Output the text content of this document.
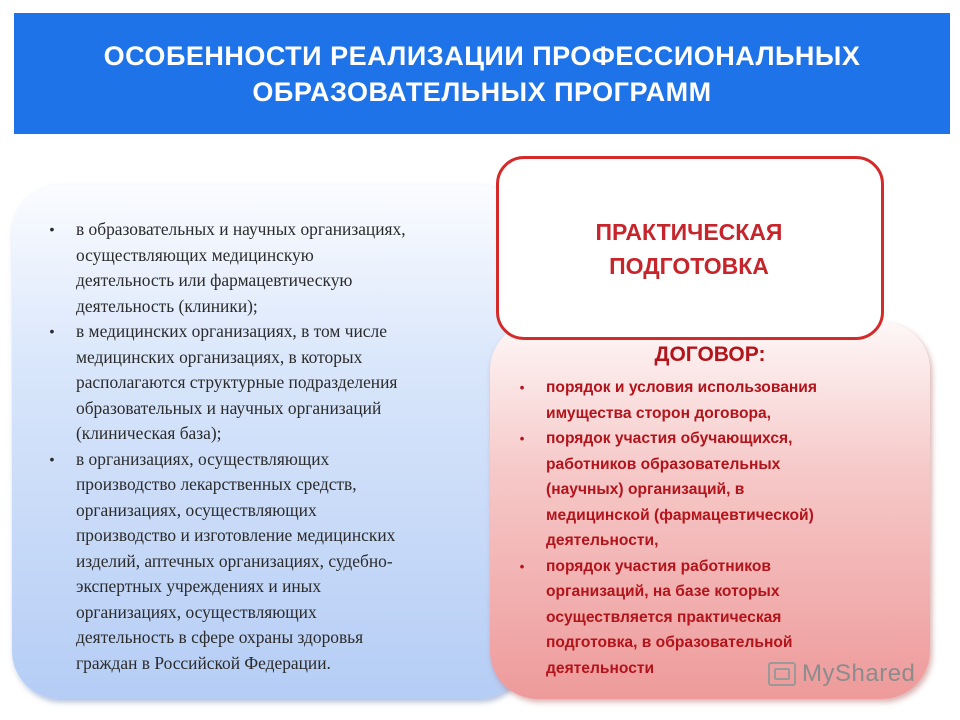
ОСОБЕННОСТИ РЕАЛИЗАЦИИ ПРОФЕССИОНАЛЬНЫХ
ОБРАЗОВАТЕЛЬНЫХ ПРОГРАММ
• в образовательных и научных организациях,
осуществляющих медицинскую
деятельность или фармацевтическую
деятельность (клиники);
• в медицинских организациях, в том числе
медицинских организациях, в которых
располагаются структурные подразделения
образовательных и научных организаций
(клиническая база);
• в организациях, осуществляющих
производство лекарственных средств,
организациях, осуществляющих
производство и изготовление медицинских
изделий, аптечных организациях, судебно-
экспертных учреждениях и иных
организациях, осуществляющих
деятельность в сфере охраны здоровья
граждан в Российской Федерации.
ДОГОВОР:
• порядок и условия использования
имущества сторон договора,
• порядок участия обучающихся,
работников образовательных
(научных) организаций, в
медицинской (фармацевтической)
деятельности,
• порядок участия работников
организаций, на базе которых
осуществляется практическая
подготовка, в образовательной
деятельности
ПРАКТИЧЕСКАЯ
ПОДГОТОВКА
MyShared
